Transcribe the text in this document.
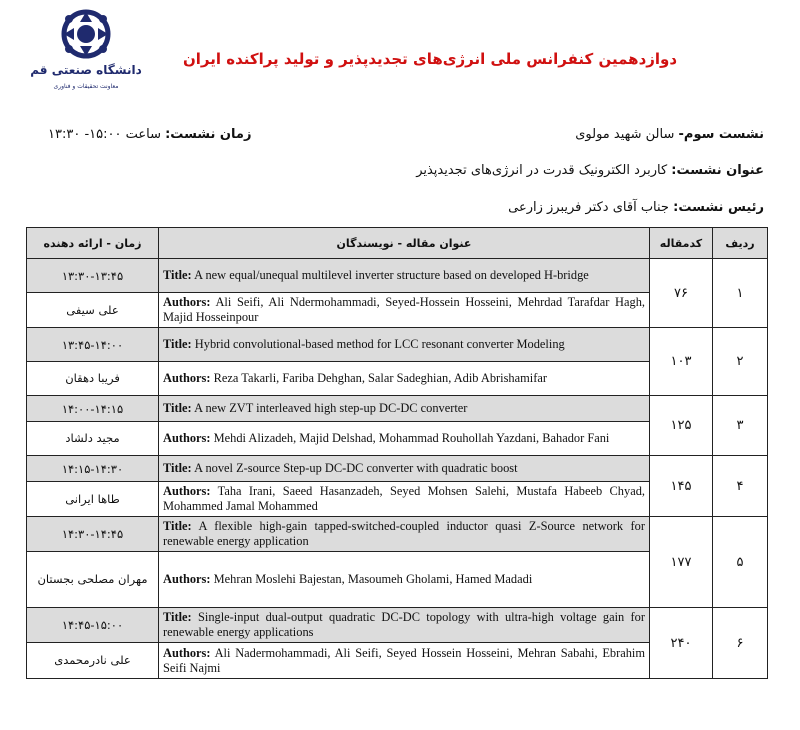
دانشگاه صنعتی قم
معاونت تحقیقات و فناوری
دوازدهمین کنفرانس ملی انرژی‌های تجدیدپذیر و تولید پراکنده ایران
نشست سوم- سالن شهید مولوی
زمان نشست: ساعت ۱۵:۰۰- ۱۳:۳۰
عنوان نشست: کاربرد الکترونیک قدرت در انرژی‌های تجدیدپذیر
رئیس نشست: جناب آقای دکتر فریبرز زارعی
ردیف	کدمقاله	عنوان مقاله - نویسندگان	زمان - ارائه دهنده
۱	۷۶	Title: A new equal/unequal multilevel inverter structure based on developed H-bridge	۱۳:۳۰-۱۳:۴۵
		Authors: Ali Seifi, Ali Ndermohammadi, Seyed-Hossein Hosseini, Mehrdad Tarafdar Hagh, Majid Hosseinpour	علی سیفی
۲	۱۰۳	Title: Hybrid convolutional-based method for LCC resonant converter Modeling	۱۳:۴۵-۱۴:۰۰
		Authors: Reza Takarli, Fariba Dehghan, Salar Sadeghian, Adib Abrishamifar	فریبا دهقان
۳	۱۲۵	Title: A new ZVT interleaved high step-up DC-DC converter	۱۴:۰۰-۱۴:۱۵
		Authors: Mehdi Alizadeh, Majid Delshad, Mohammad Rouhollah Yazdani, Bahador Fani	مجید دلشاد
۴	۱۴۵	Title: A novel Z-source Step-up DC-DC converter with quadratic boost	۱۴:۱۵-۱۴:۳۰
		Authors: Taha Irani, Saeed Hasanzadeh, Seyed Mohsen Salehi, Mustafa Habeeb Chyad, Mohammed Jamal Mohammed	طاها ایرانی
۵	۱۷۷	Title: A flexible high-gain tapped-switched-coupled inductor quasi Z-Source network for renewable energy application	۱۴:۳۰-۱۴:۴۵
		Authors: Mehran Moslehi Bajestan, Masoumeh Gholami, Hamed Madadi	مهران مصلحی بجستان
۶	۲۴۰	Title: Single-input dual-output quadratic DC-DC topology with ultra-high voltage gain for renewable energy applications	۱۴:۴۵-۱۵:۰۰
		Authors: Ali Nadermohammadi, Ali Seifi, Seyed Hossein Hosseini, Mehran Sabahi, Ebrahim Seifi Najmi	علی نادرمحمدی
